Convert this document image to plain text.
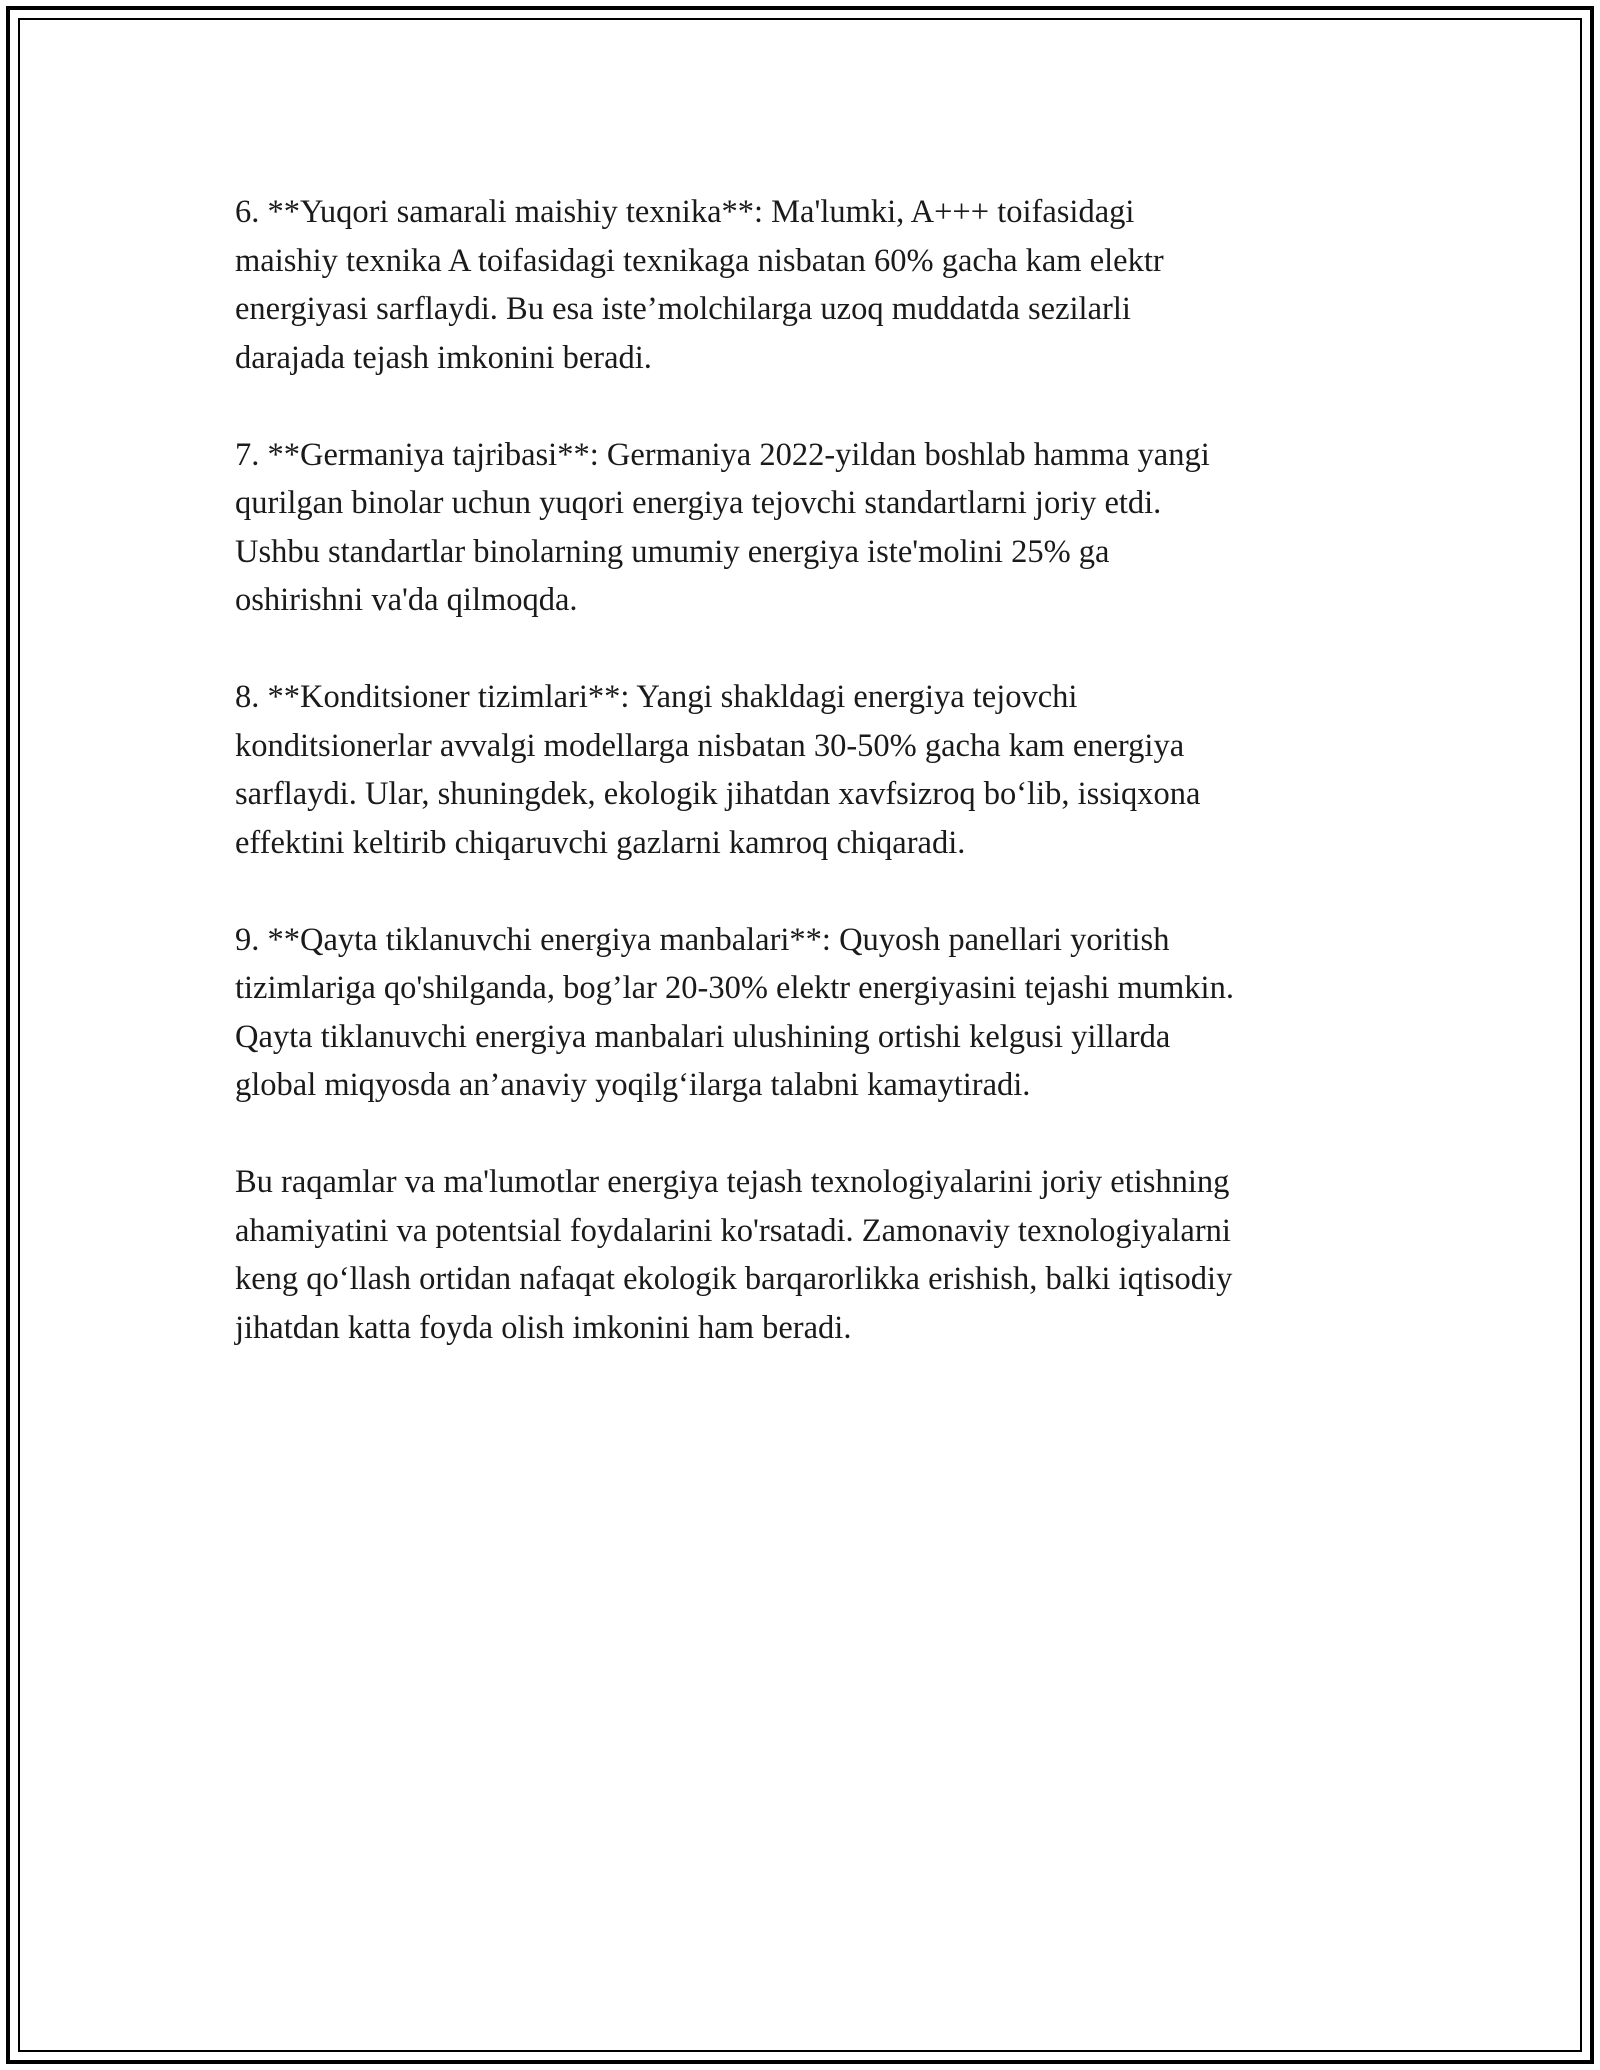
6. **Yuqori samarali maishiy texnika**: Ma'lumki, A+++ toifasidagi
maishiy texnika A toifasidagi texnikaga nisbatan 60% gacha kam elektr
energiyasi sarflaydi. Bu esa iste’molchilarga uzoq muddatda sezilarli
darajada tejash imkonini beradi.

7. **Germaniya tajribasi**: Germaniya 2022-yildan boshlab hamma yangi
qurilgan binolar uchun yuqori energiya tejovchi standartlarni joriy etdi.
Ushbu standartlar binolarning umumiy energiya iste'molini 25% ga
oshirishni va'da qilmoqda.

8. **Konditsioner tizimlari**: Yangi shakldagi energiya tejovchi
konditsionerlar avvalgi modellarga nisbatan 30-50% gacha kam energiya
sarflaydi. Ular, shuningdek, ekologik jihatdan xavfsizroq bo‘lib, issiqxona
effektini keltirib chiqaruvchi gazlarni kamroq chiqaradi.

9. **Qayta tiklanuvchi energiya manbalari**: Quyosh panellari yoritish
tizimlariga qo'shilganda, bog’lar 20-30% elektr energiyasini tejashi mumkin.
Qayta tiklanuvchi energiya manbalari ulushining ortishi kelgusi yillarda
global miqyosda an’anaviy yoqilg‘ilarga talabni kamaytiradi.

Bu raqamlar va ma'lumotlar energiya tejash texnologiyalarini joriy etishning
ahamiyatini va potentsial foydalarini ko'rsatadi. Zamonaviy texnologiyalarni
keng qo‘llash ortidan nafaqat ekologik barqarorlikka erishish, balki iqtisodiy
jihatdan katta foyda olish imkonini ham beradi.
